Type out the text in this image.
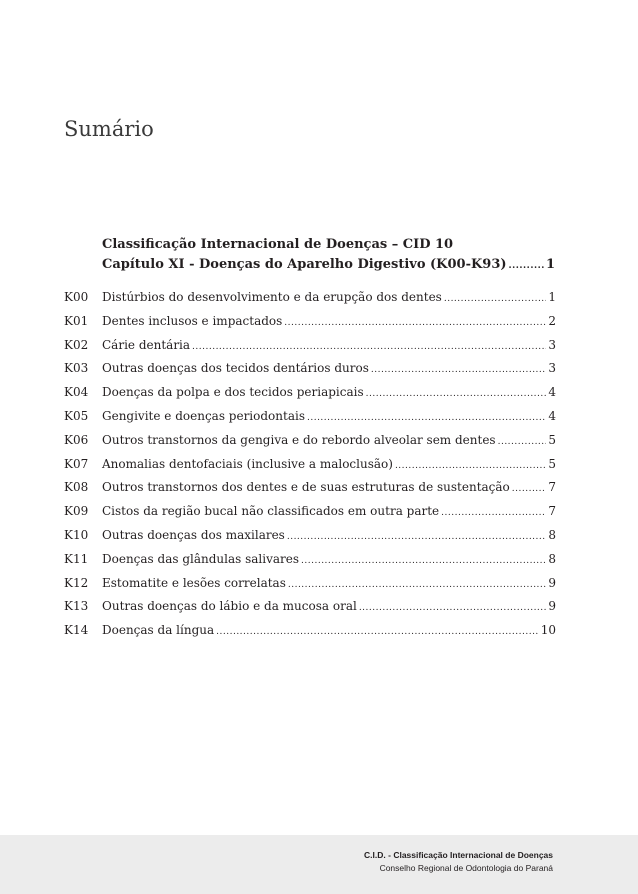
Sumário
Classificação Internacional de Doenças – CID 10
Capítulo XI - Doenças do Aparelho Digestivo (K00-K93) .....	1
K00	Distúrbios do desenvolvimento e da erupção dos dentes .....	1
K01	Dentes inclusos e impactados .....	2
K02	Cárie dentária .....	3
K03	Outras doenças dos tecidos dentários duros .....	3
K04	Doenças da polpa e dos tecidos periapicais .....	4
K05	Gengivite e doenças periodontais .....	4
K06	Outros transtornos da gengiva e do rebordo alveolar sem dentes .....	5
K07	Anomalias dentofaciais (inclusive a maloclusão) .....	5
K08	Outros transtornos dos dentes e de suas estruturas de sustentação .....	7
K09	Cistos da região bucal não classificados em outra parte .....	7
K10	Outras doenças dos maxilares .....	8
K11	Doenças das glândulas salivares .....	8
K12	Estomatite e lesões correlatas .....	9
K13	Outras doenças do lábio e da mucosa oral .....	9
K14	Doenças da língua .....	10
C.I.D. - Classificação Internacional de Doenças
Conselho Regional de Odontologia do Paraná
